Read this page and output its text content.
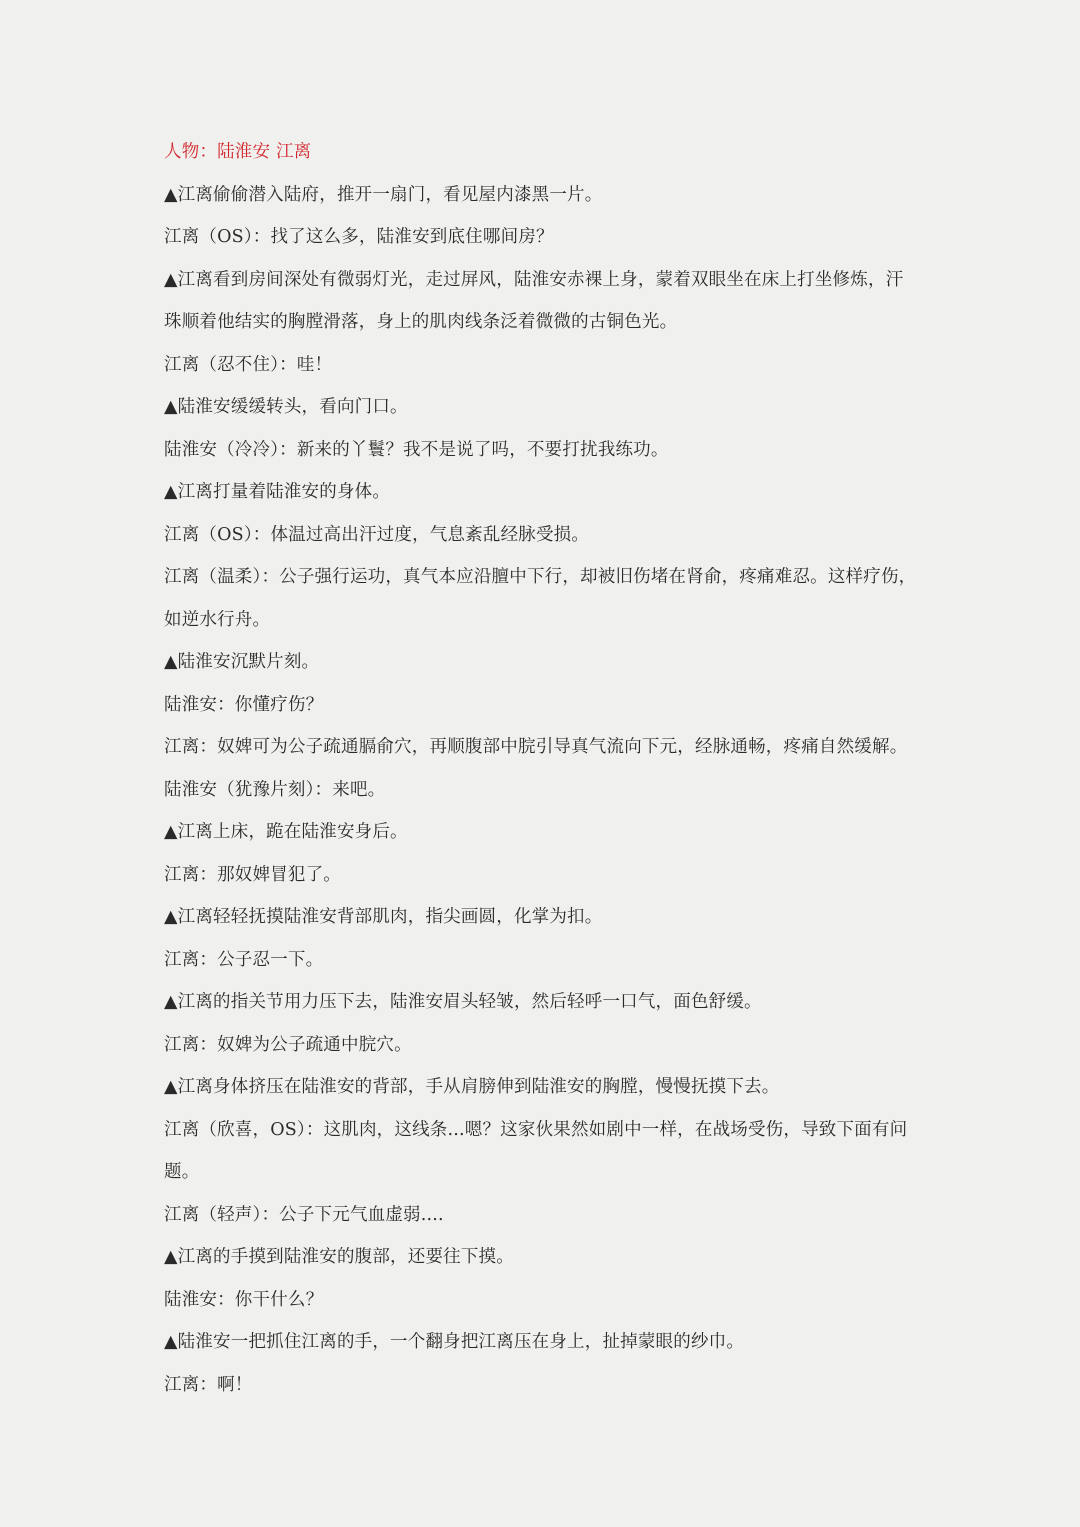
人物：陆淮安 江离
▲江离偷偷潜入陆府，推开一扇门，看见屋内漆黑一片。
江离（OS）：找了这么多，陆淮安到底住哪间房？
▲江离看到房间深处有微弱灯光，走过屏风，陆淮安赤裸上身，蒙着双眼坐在床上打坐修炼，汗
珠顺着他结实的胸膛滑落，身上的肌肉线条泛着微微的古铜色光。
江离（忍不住）：哇！
▲陆淮安缓缓转头，看向门口。
陆淮安（冷冷）：新来的丫鬟？我不是说了吗，不要打扰我练功。
▲江离打量着陆淮安的身体。
江离（OS）：体温过高出汗过度，气息紊乱经脉受损。
江离（温柔）：公子强行运功，真气本应沿膻中下行，却被旧伤堵在肾俞，疼痛难忍。这样疗伤，
如逆水行舟。
▲陆淮安沉默片刻。
陆淮安：你懂疗伤？
江离：奴婢可为公子疏通膈俞穴，再顺腹部中脘引导真气流向下元，经脉通畅，疼痛自然缓解。
陆淮安（犹豫片刻）：来吧。
▲江离上床，跪在陆淮安身后。
江离：那奴婢冒犯了。
▲江离轻轻抚摸陆淮安背部肌肉，指尖画圆，化掌为扣。
江离：公子忍一下。
▲江离的指关节用力压下去，陆淮安眉头轻皱，然后轻呼一口气，面色舒缓。
江离：奴婢为公子疏通中脘穴。
▲江离身体挤压在陆淮安的背部，手从肩膀伸到陆淮安的胸膛，慢慢抚摸下去。
江离（欣喜，OS）：这肌肉，这线条...嗯？这家伙果然如剧中一样，在战场受伤，导致下面有问
题。
江离（轻声）：公子下元气血虚弱....
▲江离的手摸到陆淮安的腹部，还要往下摸。
陆淮安：你干什么？
▲陆淮安一把抓住江离的手，一个翻身把江离压在身上，扯掉蒙眼的纱巾。
江离：啊！
